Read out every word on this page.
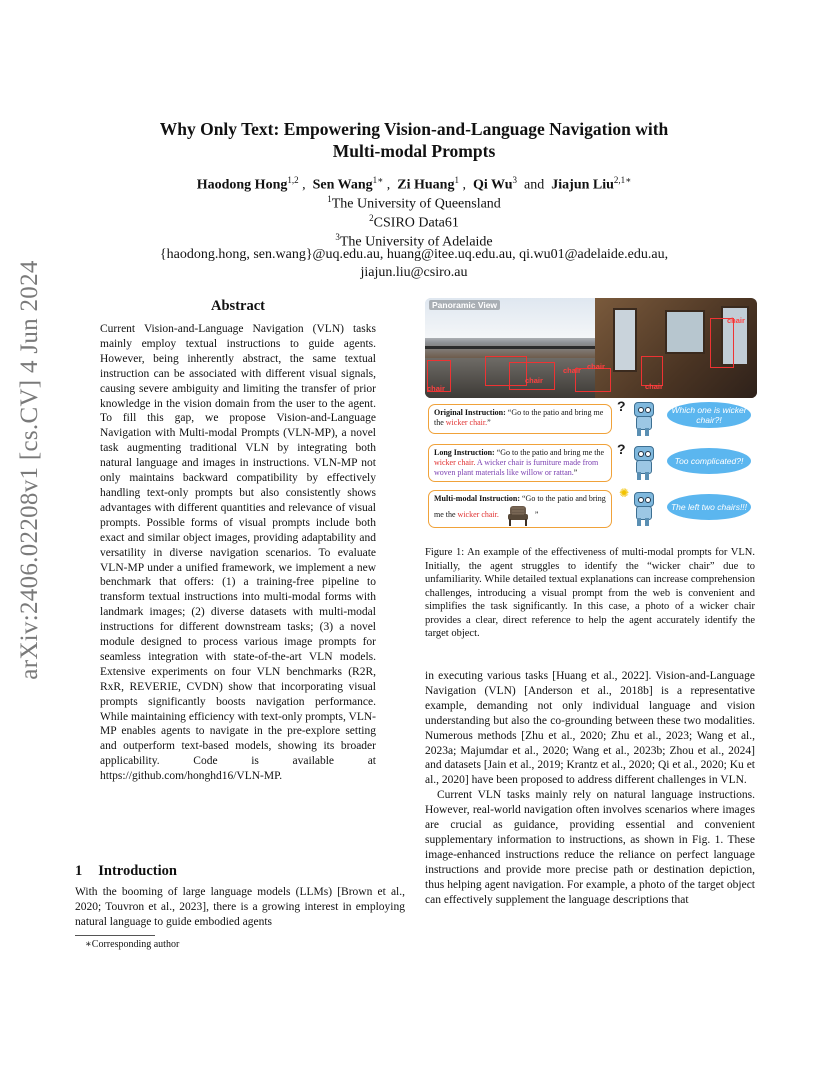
arXiv:2406.02208v1 [cs.CV] 4 Jun 2024
Why Only Text: Empowering Vision-and-Language Navigation with
Multi-modal Prompts
Haodong Hong$^{1,2}$ ,  Sen Wang$^{1∗}$ ,  Zi Huang$^1$ ,  Qi Wu$^3$ and Jiajun Liu$^{2,1∗}$
$^1$The University of Queensland
$^2$CSIRO Data61
$^3$The University of Adelaide
{haodong.hong, sen.wang}@uq.edu.au, huang@itee.uq.edu.au, qi.wu01@adelaide.edu.au,
jiajun.liu@csiro.au
Abstract
Current Vision-and-Language Navigation (VLN) tasks mainly employ textual instructions to guide agents. However, being inherently abstract, the same textual instruction can be associated with different visual signals, causing severe ambiguity and limiting the transfer of prior knowledge in the vision domain from the user to the agent. To fill this gap, we propose Vision-and-Language Navigation with Multi-modal Prompts (VLN-MP), a novel task augmenting traditional VLN by integrating both natural language and images in instructions. VLN-MP not only maintains backward compatibility by effectively handling text-only prompts but also consistently shows advantages with different quantities and relevance of visual prompts. Possible forms of visual prompts include both exact and similar object images, providing adaptability and versatility in diverse navigation scenarios. To evaluate VLN-MP under a unified framework, we implement a new benchmark that offers: (1) a training-free pipeline to transform textual instructions into multi-modal forms with landmark images; (2) diverse datasets with multi-modal instructions for different downstream tasks; (3) a novel module designed to process various image prompts for seamless integration with state-of-the-art VLN models. Extensive experiments on four VLN benchmarks (R2R, RxR, REVERIE, CVDN) show that incorporating visual prompts significantly boosts navigation performance. While maintaining efficiency with text-only prompts, VLN-MP enables agents to navigate in the pre-explore setting and outperform text-based models, showing its broader applicability. Code is available at https://github.com/honghd16/VLN-MP.
1 Introduction
With the booming of large language models (LLMs) [Brown et al., 2020; Touvron et al., 2023], there is a growing interest in employing natural language to guide embodied agents
∗Corresponding author
Panoramic View
chair
chair
chair chair
chair
chair
Original Instruction: “Go to the patio and bring me the wicker chair.”
?	Which one is wicker chair?!
Long Instruction: “Go to the patio and bring me the wicker chair. A wicker chair is furniture made from woven plant materials like willow or rattan.”
?
Too complicated?!
Multi-modal Instruction: “Go to the patio and bring me the wicker chair.	”
✺
The left two chairs!!!
Figure 1: An example of the effectiveness of multi-modal prompts for VLN. Initially, the agent struggles to identify the “wicker chair” due to unfamiliarity. While detailed textual explanations can increase comprehension challenges, introducing a visual prompt from the web is convenient and simplifies the task significantly. In this case, a photo of a wicker chair provides a clear, direct reference to help the agent accurately identify the target object.

in executing various tasks [Huang et al., 2022]. Vision-and-Language Navigation (VLN) [Anderson et al., 2018b] is a representative example, demanding not only individual language and vision understanding but also the co-grounding between these two modalities. Numerous methods [Zhu et al., 2020; Zhu et al., 2023; Wang et al., 2023a; Majumdar et al., 2020; Wang et al., 2023b; Zhou et al., 2024] and datasets [Jain et al., 2019; Krantz et al., 2020; Qi et al., 2020; Ku et al., 2020] have been proposed to address different challenges in VLN.

Current VLN tasks mainly rely on natural language instructions. However, real-world navigation often involves scenarios where images are crucial as guidance, providing essential and convenient supplementary information to instructions, as shown in Fig. 1. These image-enhanced instructions reduce the reliance on perfect language instructions and provide more precise path or destination depiction, thus helping agent navigation. For example, a photo of the target object can effectively supplement the language descriptions that
